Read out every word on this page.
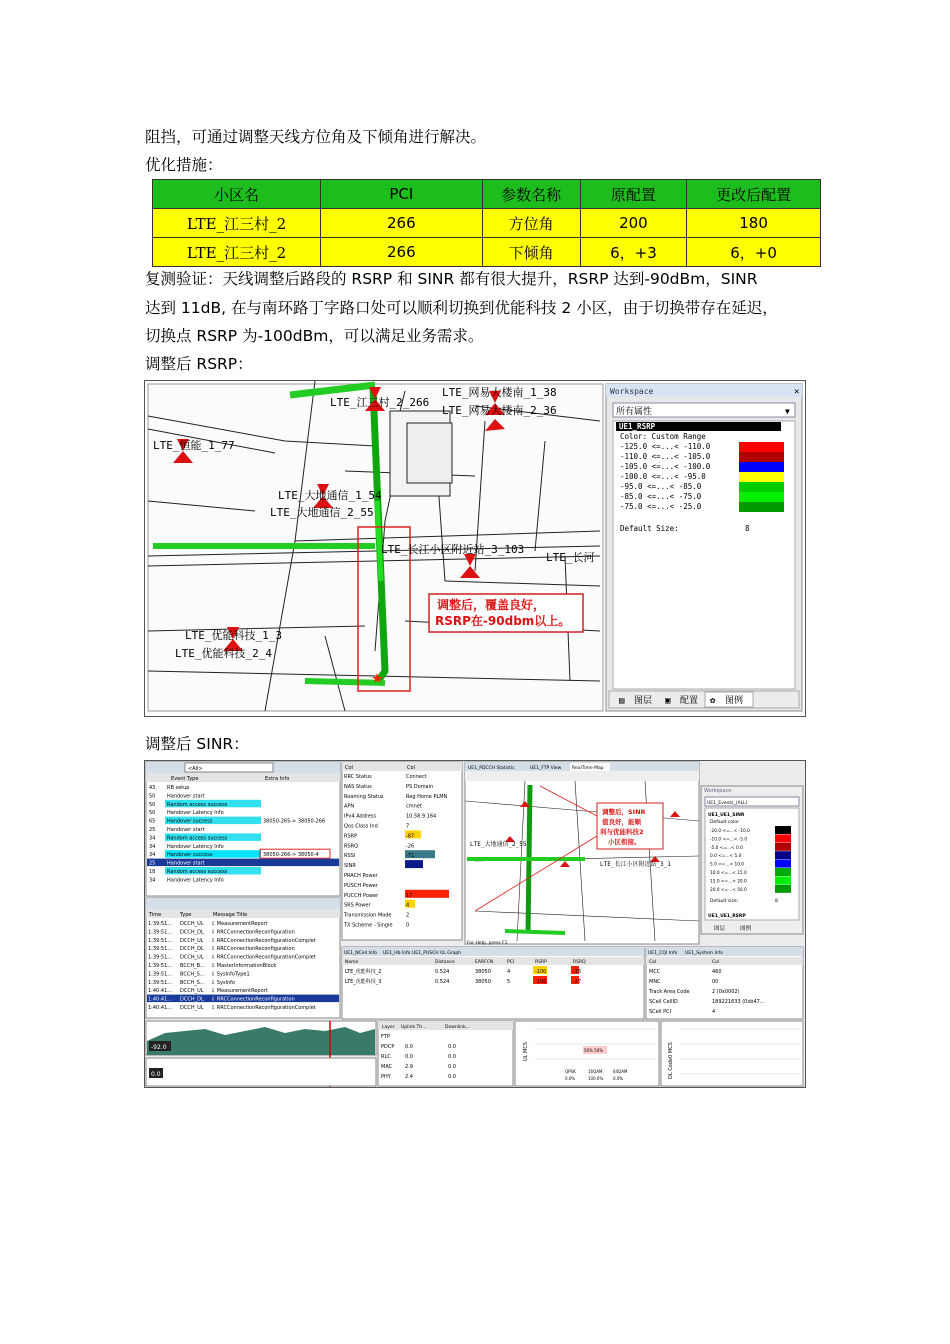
阻挡，可通过调整天线方位角及下倾角进行解决。
优化措施：
小区名	PCI	参数名称	原配置	更改后配置
LTE_江三村_2	266	方位角	200	180
LTE_江三村_2	266	下倾角	6，+3	6，+0
复测验证：天线调整后路段的 RSRP 和 SINR 都有很大提升，RSRP 达到-90dBm，SINR
达到 11dB, 在与南环路丁字路口处可以顺利切换到优能科技 2 小区，由于切换带存在延迟，
切换点 RSRP 为-100dBm，可以满足业务需求。
调整后 RSRP：
LTE_江三村_2_266
LTE_网易大楼南_1_38
LTE_网易大楼南_2_36
LTE_恒能_1_77
LTE_大地通信_1_54
LTE_大地通信_2_55
LTE_长江小区附近站_3_103
LTE_长河
LTE_优能科技_1_3
LTE_优能科技_2_4
调整后，覆盖良好，
RSRP在-90dbm以上。
Workspace	✕
所有属性	▼
UE1_RSRP
Color: Custom Range
-125.0 <=...< -110.0
-110.0 <=...< -105.0
-105.0 <=...< -100.0
-100.0 <=...< -95.0
-95.0 <=...< -85.0
-85.0 <=...< -75.0
-75.0 <=...< -25.0
Default Size:	8
▤ 图层 ▣ 配置 ✿ 图例
调整后 SINR：
<All>
Event Type	Extra Info
43 RB setup
50 Handover start
50 Random access success
50 Handover Latency Info
65 Handover success	38050-265-> 38050-266
25 Handover start
34 Random access success
34 Handover Latency Info
34 Handover success	38050-266-> 38050-4
25 Handover start
18 Random access success
34 Handover Latency Info
Time	Type	Message Title
1:39:51... DCCH_UL ⇩ MeasurementReport
1:39:51... DCCH_DL ⇩ RRCConnectionReconfiguration
1:39:51... DCCH_UL ⇩ RRCConnectionReconfigurationComplet
1:39:51... DCCH_DL ⇩ RRCConnectionReconfiguration
1:39:51... DCCH_UL ⇩ RRCConnectionReconfigurationComplet
1:39:51... BCCH_B... ⇩ MasterInformationBlock
1:39:51... BCCH_S... ⇩ SysInfoType1
1:39:51... BCCH_S... ⇩ SysInfo
1:40:41... DCCH_UL ⇩ MeasurementReport
1:40:41... DCCH_DL ⇩ RRCConnectionReconfiguration
1:40:41... DCCH_UL ⇩ RRCConnectionReconfigurationComplet
-92.0
0.0
Col	Col
RRC Status	Connect
NAS Status	PS Domain
Roaming Status	Reg Home PLMN
APN	cmnet
IPv4 Address	10.58.9.164
Qos Class Ind	7
RSRP	-87
RSRQ	-26
RSSI	-71
SINR
PRACH Power
PUSCH Power
PUCCH Power	17
SRS Power	4
Transmission Mode	2
TX Scheme - Single	0
UE1_PDCCH Statistic	UE1_FTP View RealTime Map
LTE_大地通信_2_55
LTE_长江小区附近站_3_1
调整后，SINR
值良好，能顺
利与优能科技2
小区衔接。
For Help, press F1
Workspace
UE1_Events_(ALL)
UE1_UE1_SINR
Default color
-20.0 <=...< -10.0
-10.0 <=...< -5.0
-5.0 <=...< 0.0
0.0 <=...< 5.0
5.0 <=...< 10.0
10.0 <=...< 15.0
15.0 <=...< 20.0
20.0 <=...< 50.0
Default size:	8
UE1_UE1_RSRP
图层	图例
UE1_NCell Info UE1_Hb Info UE1_PUSCH UL Graph
Name	Distance	EARFCN	PCI	RSRP	RSRQ
LTE_优能科技_2	0.524	38050	4	-100	-15
LTE_优能科技_3	0.524	38050	5	-106	-27
UE1_CQI Info UE1_System Info
Col	Col
MCC	460
MNC	00
Track Area Code	2 (0x0002)
SCell CellID	189221633 (0xb47...
SCell PCI	4
Layer Uplink Th...	Downlink...
FTP
PDCP 0.0	0.0
RLC	0.0	0.0
MAC	2.9	0.0
PHY	2.4	0.0
UL MCS	50% 50%
QPSK	16QAM	64QAM
0.0%	100.0% 0.0%	DL Code0 MCS
